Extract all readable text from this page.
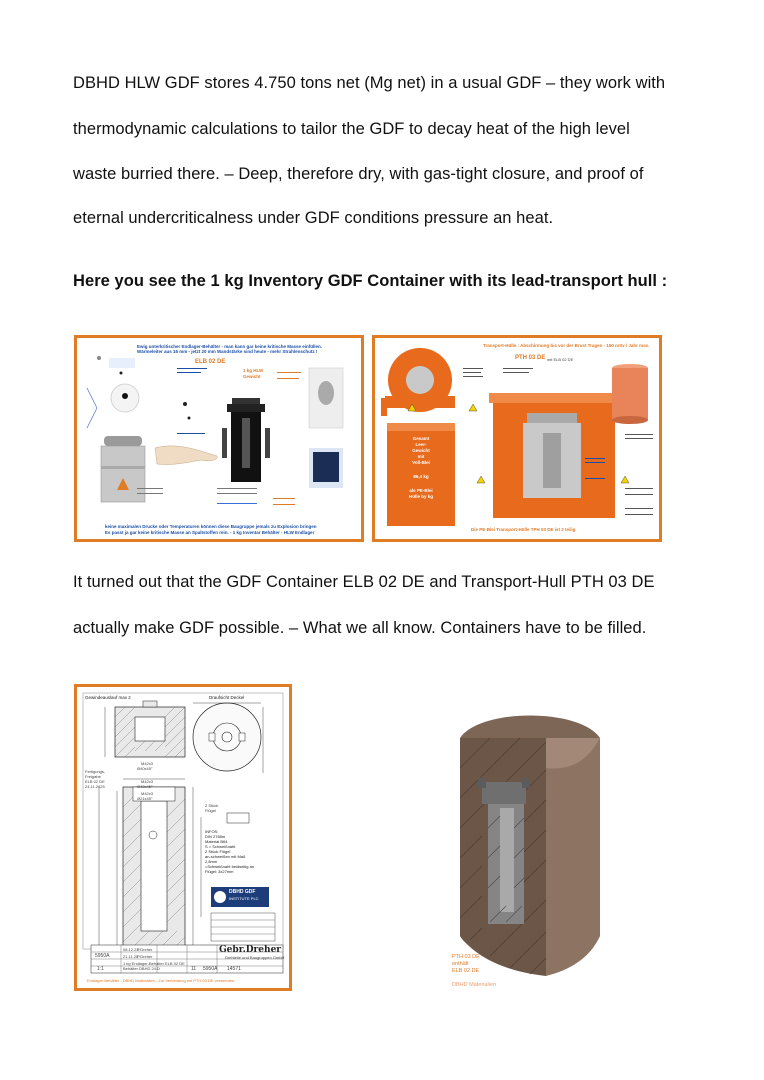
DBHD HLW GDF stores 4.750 tons net (Mg net) in a usual GDF – they work with
thermodynamic calculations to tailor the GDF to decay heat of the high level
waste burried there. – Deep, therefore dry, with gas-tight closure, and proof of
eternal undercriticalness under GDF conditions pressure an heat.
Here you see the 1 kg Inventory GDF Container with its lead-transport hull :
Ewig unterkritischer Endlager-Behälter - man kann gar keine kritische Masse einfüllen.
Wärmeleiter aus 15 mm - jetzt 20 mm Wandstärke sind heute - mehr Strahlenschutz !
ELB 02 DE
1 kg HLW
Gewicht
keine maximalen Drucke oder Temperaturen können diese Baugruppe jemals zu Explosion bringen
Es passt ja gar keine kritische Masse an Spaltstoffen rein. - 1 kg Inventar Behälter - HLW Endlager
Transport-Hülle : Abschirmung bis vor der Brust Tragen - 150 mSv / Jahr max.
PTH 03 DE mit ELB 02 DE
Gesamt
Leer-
Gewicht
mit
Voll-Blei
86,4 kg
als PE-Blei
Hülle by kg
Die PE-Blei Transport-Hülle TPH 03 DE ist 2 teilig
It turned out that the GDF Container ELB 02 DE and Transport-Hull PTH 03 DE
actually make GDF possible. – What we all know. Containers have to be filled.
Gewindeauslauf max 2	Draufsicht Deckel
Fertigungs-
Freigabe
ELB 02 DE
24.11.2025
M42x3
Ø40x45°
M42x3
Ø42x45°
M42x3
Ø21x45°
2 Stück
Flügel
INFOS:
DIN 2768m
Material B64
S = Schweißnaht
2 Stück Flügel
an-schweißen mit Maß
2,8mm
=Schweißnaht beidseitig an
Flügel: 3x27mm
DBHD GDF
INSTITUTE PLC
08.12.23
P.Dreher
21.11.25
P.Dreher
5950A
1 kg Endlager-Behälter ELB 02 DE
Behälter DBHD 24.D
1:1	11 5950A 14571
Gebr.Dreher
Drehteile und Baugruppen GmbH
Endlager-Behälter - DBHD Materialien - Zur Verbindung mit PTH 03 DE verwenden.
PTH 03 DE
enthält
ELB 02 DE
DBHD Materialien
